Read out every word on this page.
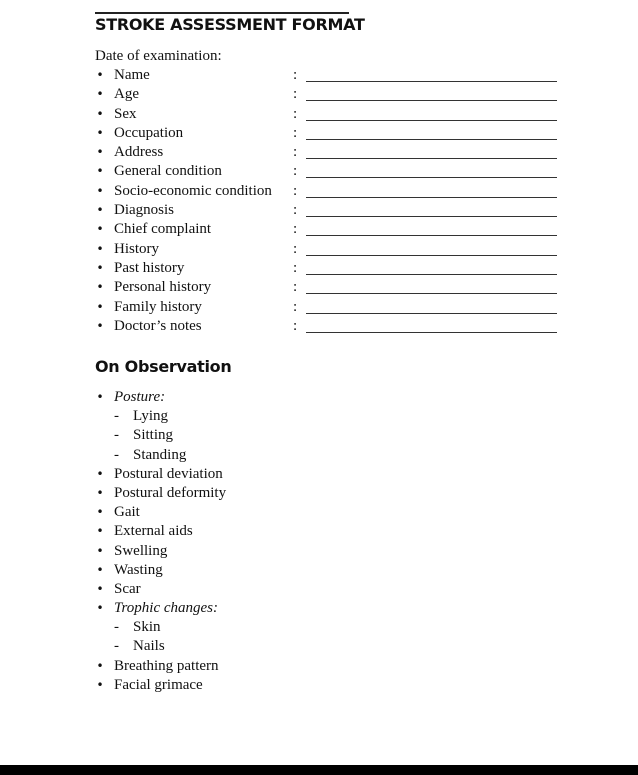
STROKE ASSESSMENT FORMAT
Date of examination:
• Name	:
• Age	:
• Sex	:
• Occupation	:
• Address	:
• General condition	:
• Socio-economic condition :
• Diagnosis	:
• Chief complaint	:
• History	:
• Past history	:
• Personal history	:
• Family history	:
• Doctor’s notes	:
On Observation
• Posture:
- Lying
- Sitting
- Standing
• Postural deviation
• Postural deformity
• Gait
• External aids
• Swelling
• Wasting
• Scar
• Trophic changes:
- Skin
- Nails
• Breathing pattern
• Facial grimace
